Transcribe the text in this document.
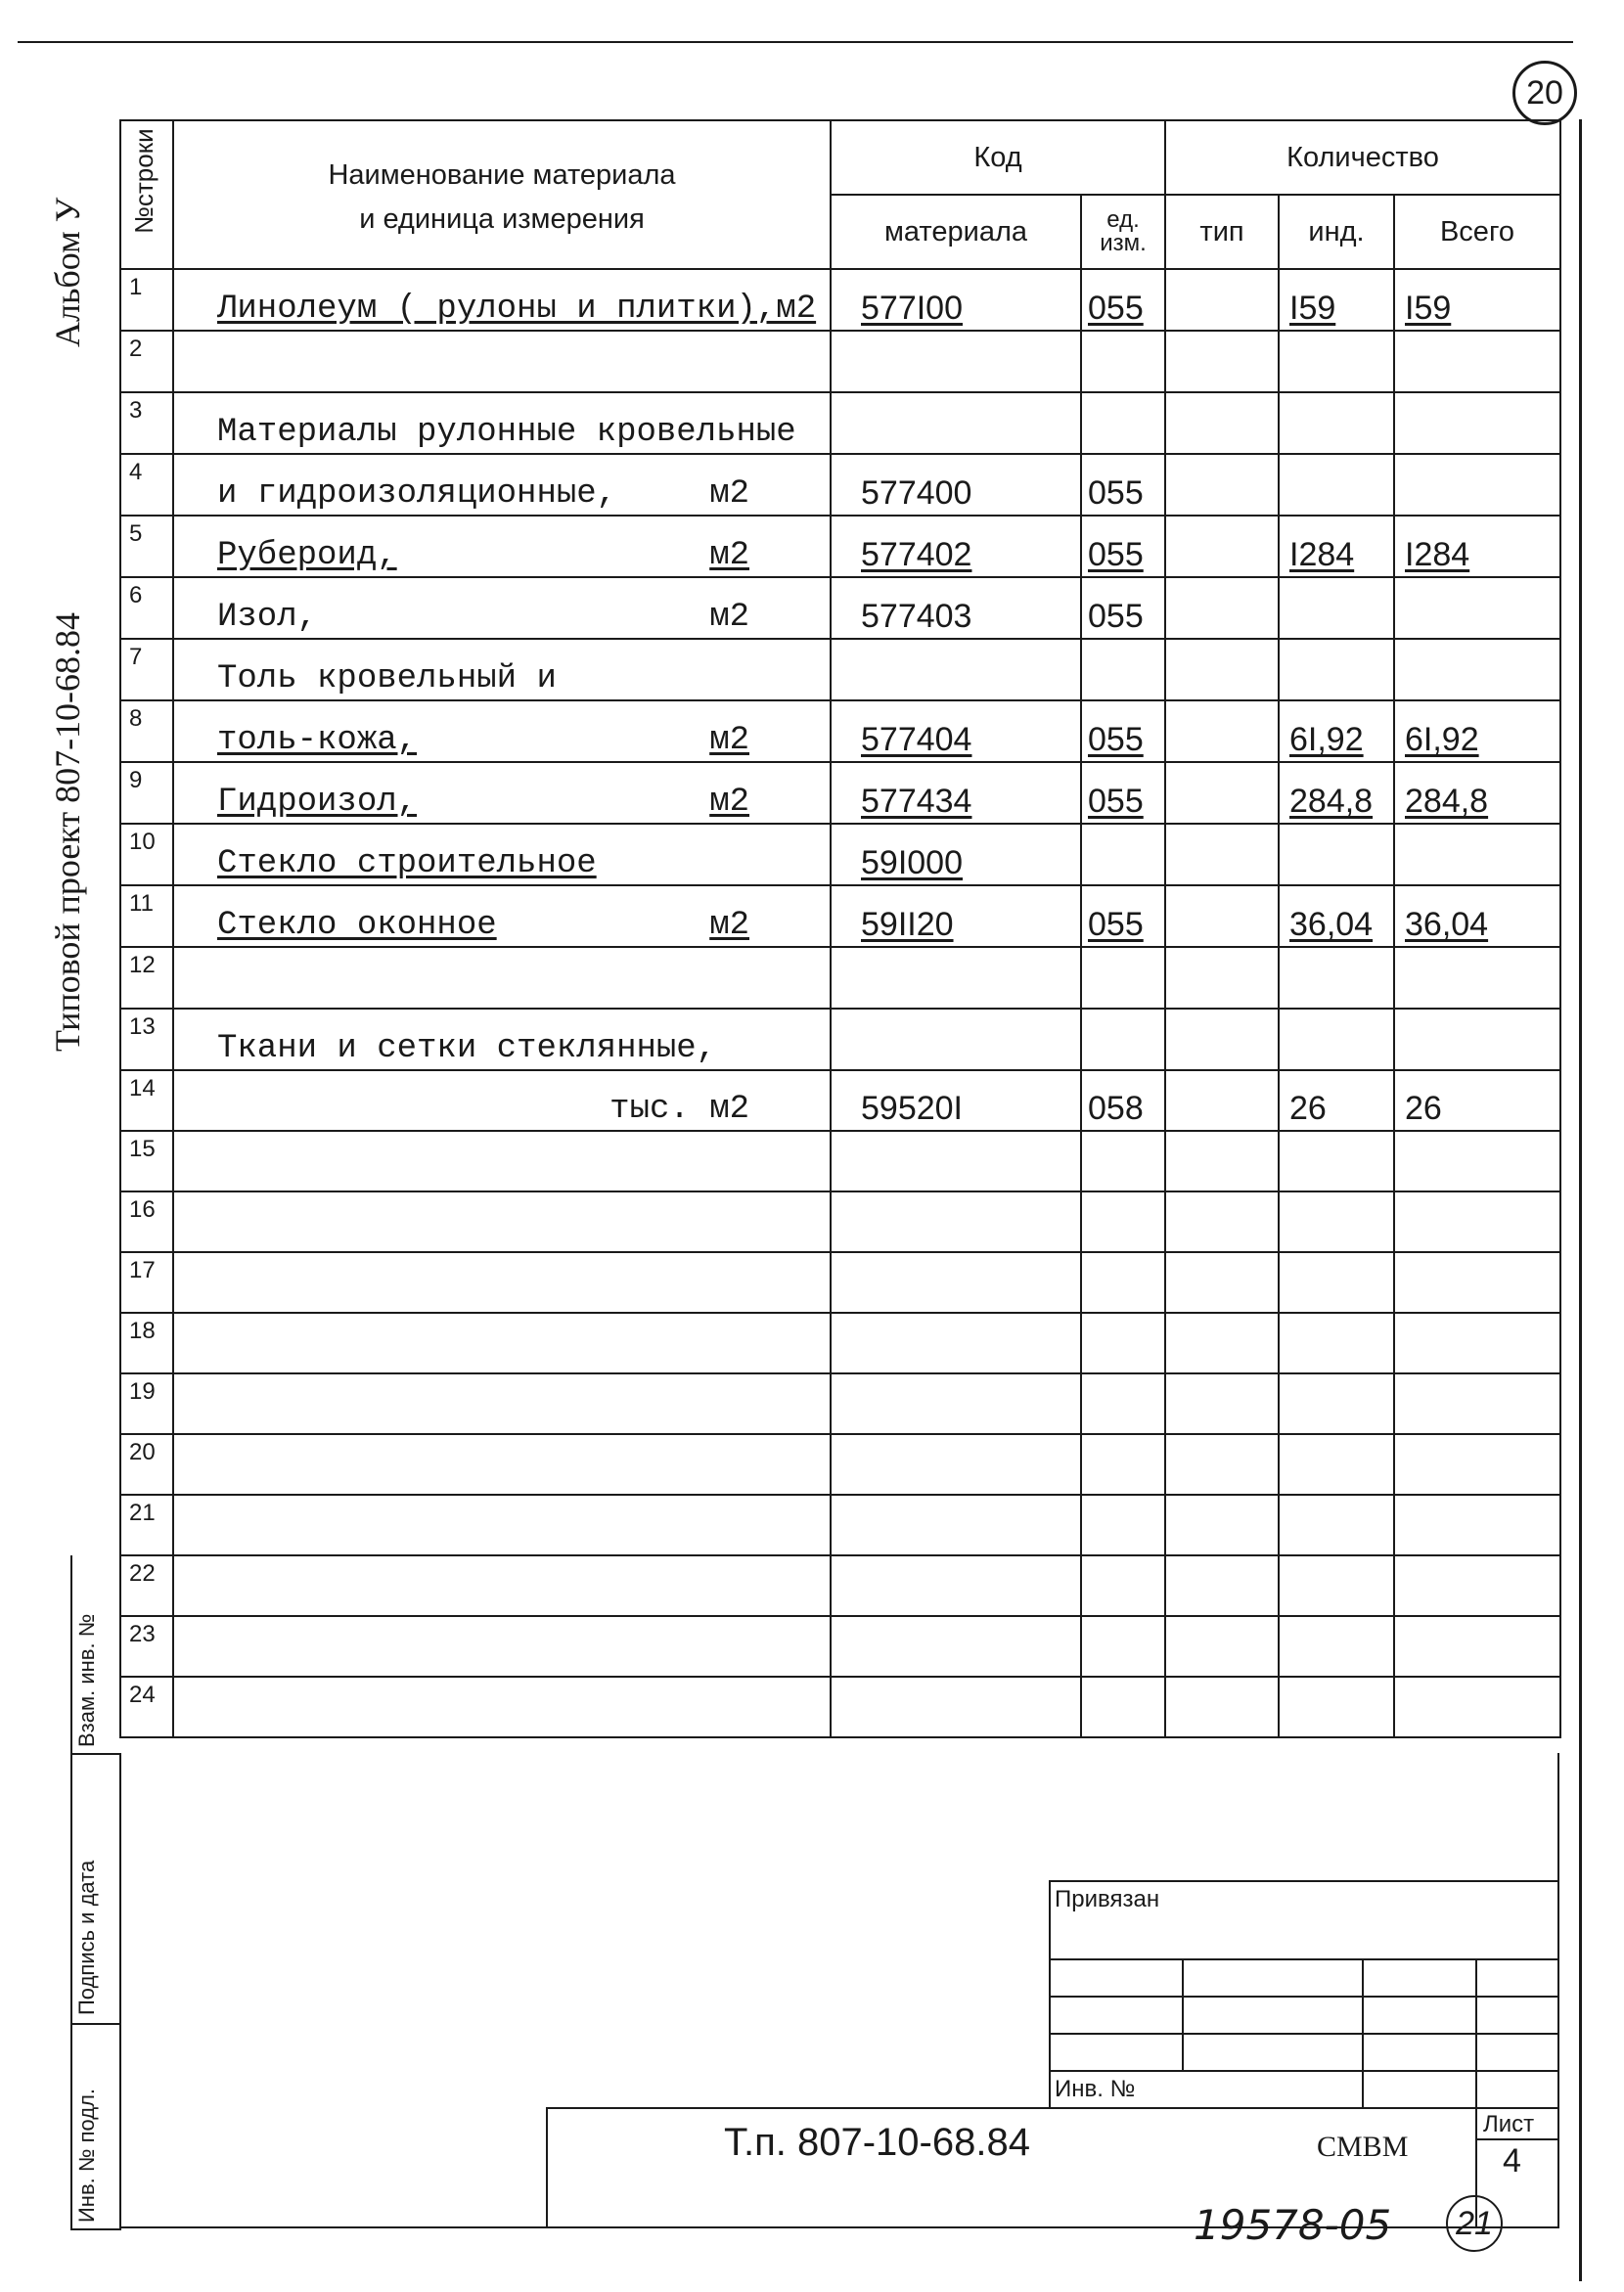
20
Альбом У
Типовой проект 807-10-68.84
№строки	Наименование материала
и единица измерения	Код		Количество		
		материала	ед. изм.	тип	инд.	Всего
1	Линолеум ( рулоны и плитки),м2	577I00	055		I59	I59
2	

3	Материалы рулонные кровельные

4	и гидроизоляционные, м2	577400	055			
5	Рубероид, м2	577402	055		I284	I284
6	Изол, м2	577403	055			
7	Толь кровельный и

8	толь-кожа, м2	577404	055		6I,92	6I,92
9	Гидроизол, м2	577434	055		284,8	284,8
10	Стекло строительное	59I000				
11	Стекло оконное м2	59II20	055		36,04	36,04
12	

13	Ткани и сетки стеклянные,

14	тыс. м2	59520I	058		26	26
15	

16	

17	

18	

19	

20	

21	

22	

23	

24	

Взам. инв. №
Подпись и дата
Инв. № подл.
Привязан
Инв. №
Т.п. 807-10-68.84	СМВМ
Лист
4
19578-05 21
